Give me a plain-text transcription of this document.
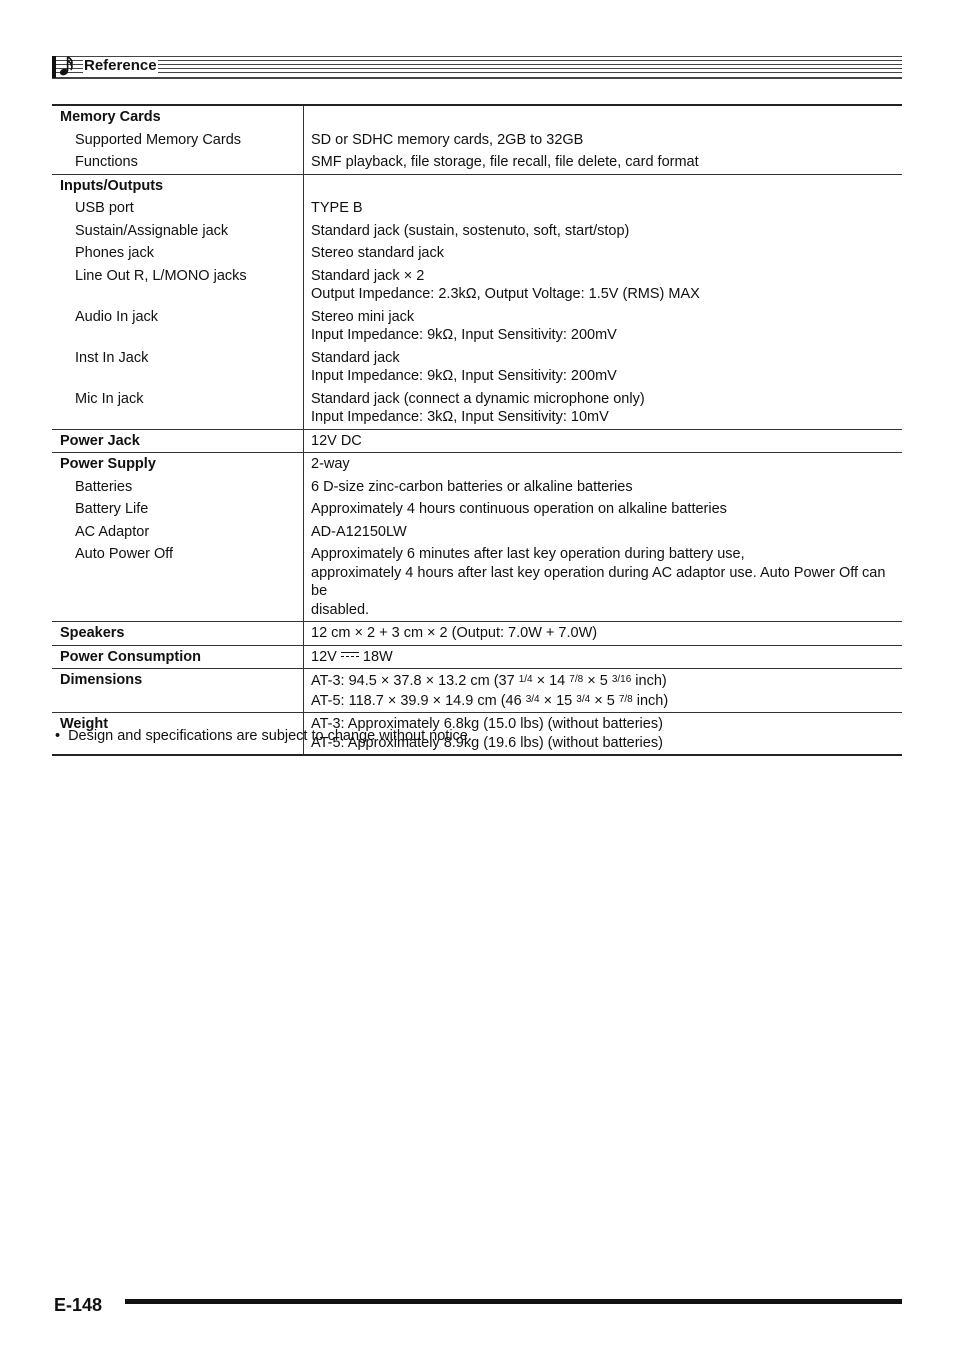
Reference
Memory Cards	
Supported Memory Cards	SD or SDHC memory cards, 2GB to 32GB

Functions	SMF playback, file storage, file recall, file delete, card format

Inputs/Outputs	
USB port	TYPE B

Sustain/Assignable jack	Standard jack (sustain, sostenuto, soft, start/stop)

Phones jack	Stereo standard jack

Line Out R, L/MONO jacks	Standard jack × 2
Output Impedance: 2.3kΩ, Output Voltage: 1.5V (RMS) MAX

Audio In jack	Stereo mini jack
Input Impedance: 9kΩ, Input Sensitivity: 200mV

Inst In Jack	Standard jack
Input Impedance: 9kΩ, Input Sensitivity: 200mV

Mic In jack	Standard jack (connect a dynamic microphone only)
Input Impedance: 3kΩ, Input Sensitivity: 10mV

Power Jack	12V DC
Power Supply	2-way
Batteries	6 D-size zinc-carbon batteries or alkaline batteries

Battery Life	Approximately 4 hours continuous operation on alkaline batteries

AC Adaptor	AD-A12150LW

Auto Power Off	Approximately 6 minutes after last key operation during battery use,
approximately 4 hours after last key operation during AC adaptor use. Auto Power Off can be
disabled.

Speakers	12 cm × 2 + 3 cm × 2 (Output: 7.0W + 7.0W)
Power Consumption	12V 18W
Dimensions	AT-3: 94.5 × 37.8 × 13.2 cm (37 $^{1/4}$ × 14 $^{7/8}$ × 5 $^{3/16}$ inch)
AT-5: 118.7 × 39.9 × 14.9 cm (46 $^{3/4}$ × 15 $^{3/4}$ × 5 $^{7/8}$ inch)

Weight	AT-3: Approximately 6.8kg (15.0 lbs) (without batteries)
AT-5: Approximately 8.9kg (19.6 lbs) (without batteries)
• Design and specifications are subject to change without notice.
E-148
